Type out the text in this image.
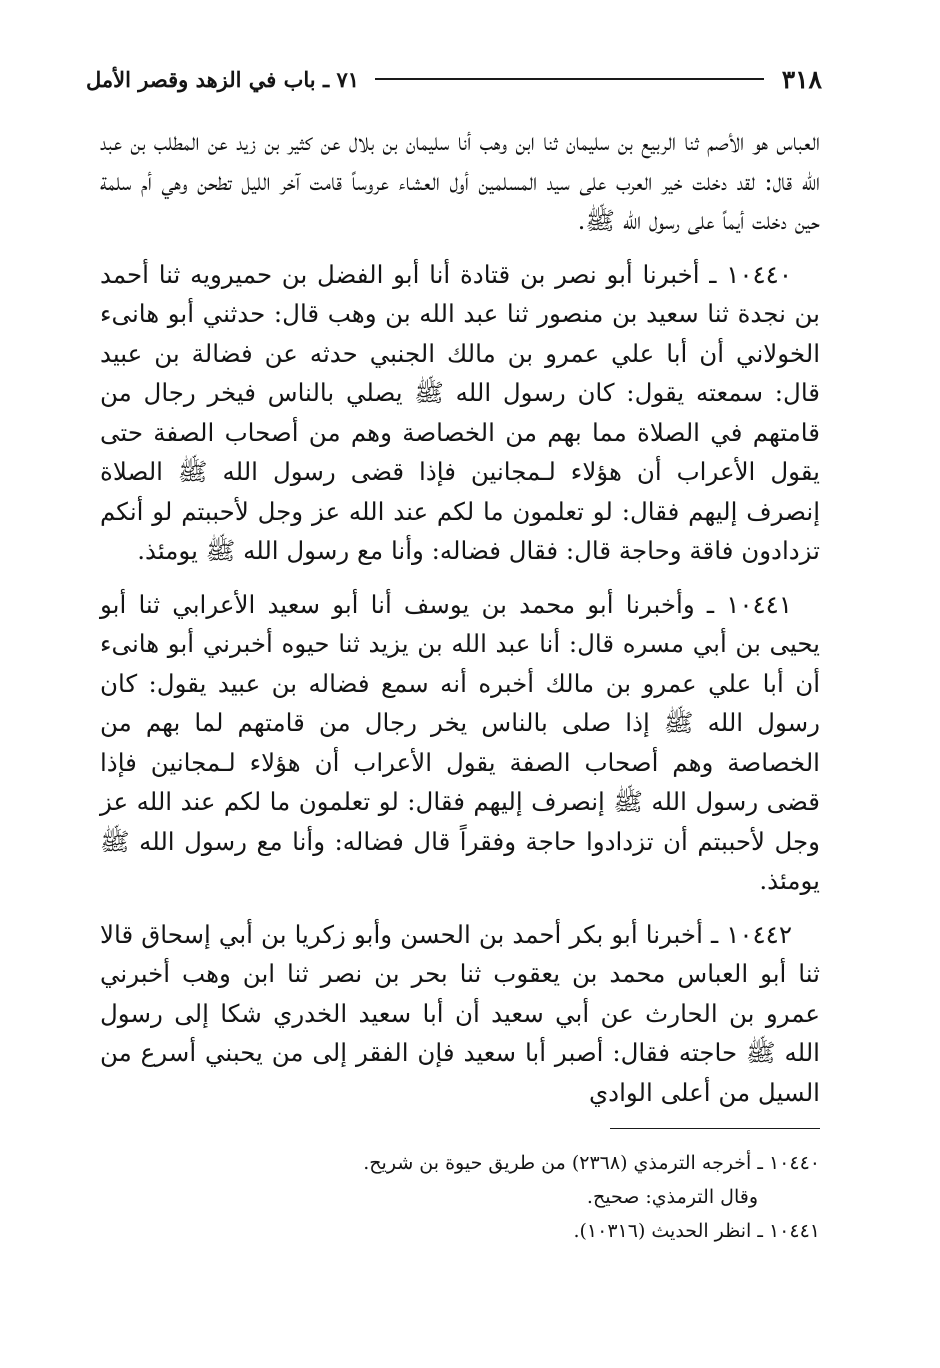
٣١٨
٧١ ـ باب في الزهد وقصر الأمل

العباس هو الأصم ثنا الربيع بن سليمان ثنا ابن وهب أنا سليمان بن بلال عن كثير بن زيد عن المطلب بن عبد الله قال: لقد دخلت خير العرب على سيد المسلمين أول العشاء عروساً قامت آخر الليل تطحن وهي أم سلمة حين دخلت أيماً على رسول الله ﷺ.

١٠٤٤٠ ـ أخبرنا أبو نصر بن قتادة أنا أبو الفضل بن حميرويه ثنا أحمد بن نجدة ثنا سعيد بن منصور ثنا عبد الله بن وهب قال: حدثني أبو هانىء الخولاني أن أبا علي عمرو بن مالك الجنبي حدثه عن فضالة بن عبيد قال: سمعته يقول: كان رسول الله ﷺ يصلي بالناس فيخر رجال من قامتهم في الصلاة مما بهم من الخصاصة وهم من أصحاب الصفة حتى يقول الأعراب أن هؤلاء لـمجانين فإذا قضى رسول الله ﷺ الصلاة إنصرف إليهم فقال: لو تعلمون ما لكم عند الله عز وجل لأحببتم لو أنكم تزدادون فاقة وحاجة قال: فقال فضاله: وأنا مع رسول الله ﷺ يومئذ.

١٠٤٤١ ـ وأخبرنا أبو محمد بن يوسف أنا أبو سعيد الأعرابي ثنا أبو يحيى بن أبي مسره قال: أنا عبد الله بن يزيد ثنا حيوه أخبرني أبو هانىء أن أبا علي عمرو بن مالك أخبره أنه سمع فضاله بن عبيد يقول: كان رسول الله ﷺ إذا صلى بالناس يخر رجال من قامتهم لما بهم من الخصاصة وهم أصحاب الصفة يقول الأعراب أن هؤلاء لـمجانين فإذا قضى رسول الله ﷺ إنصرف إليهم فقال: لو تعلمون ما لكم عند الله عز وجل لأحببتم أن تزدادوا حاجة وفقراً قال فضاله: وأنا مع رسول الله ﷺ يومئذ.

١٠٤٤٢ ـ أخبرنا أبو بكر أحمد بن الحسن وأبو زكريا بن أبي إسحاق قالا ثنا أبو العباس محمد بن يعقوب ثنا بحر بن نصر ثنا ابن وهب أخبرني عمرو بن الحارث عن أبي سعيد أن أبا سعيد الخدري شكا إلى رسول الله ﷺ حاجته فقال: أصبر أبا سعيد فإن الفقر إلى من يحبني أسرع من السيل من أعلى الوادي

١٠٤٤٠ ـ أخرجه الترمذي (٢٣٦٨) من طريق حيوة بن شريح.

وقال الترمذي: صحيح.

١٠٤٤١ ـ انظر الحديث (١٠٣١٦).
